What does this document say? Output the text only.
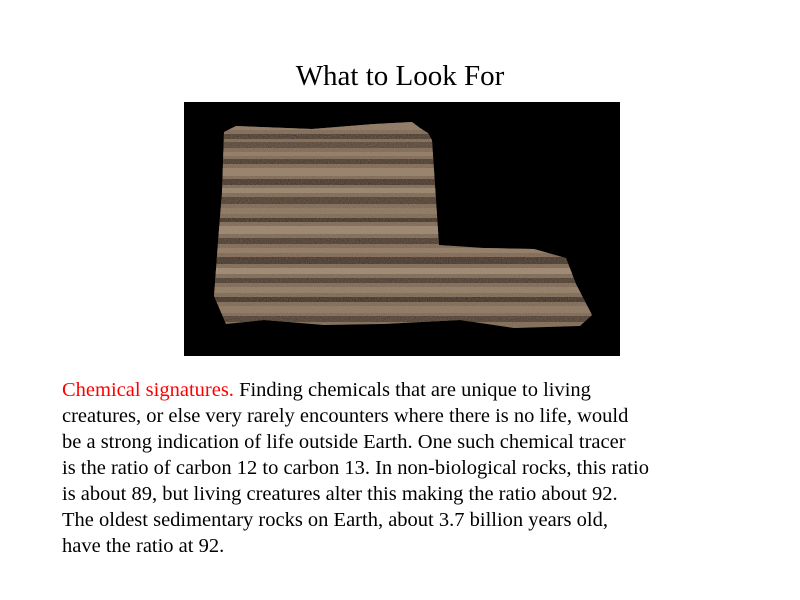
What to Look For

Chemical signatures. Finding chemicals that are unique to living
creatures, or else very rarely encounters where there is no life, would
be a strong indication of life outside Earth. One such chemical tracer
is the ratio of carbon 12 to carbon 13. In non-biological rocks, this ratio
is about 89, but living creatures alter this making the ratio about 92.
The oldest sedimentary rocks on Earth, about 3.7 billion years old,
have the ratio at 92.
